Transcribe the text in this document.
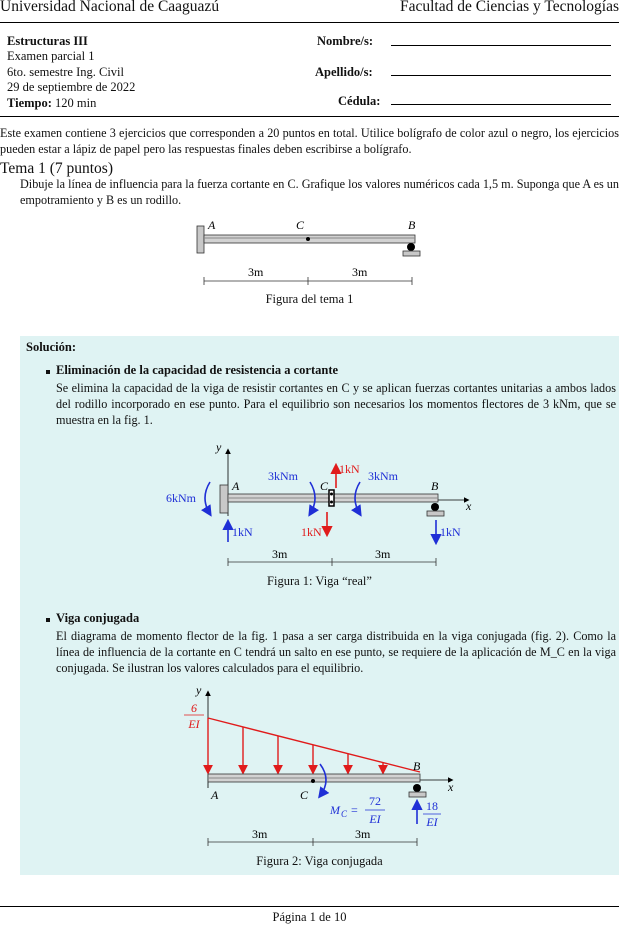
Universidad Nacional de Caaguazú	Facultad de Ciencias y Tecnologías
Estructuras III
Examen parcial 1
6to. semestre Ing. Civil
29 de septiembre de 2022
Tiempo: 120 min
Nombre/s:
Apellido/s:
Cédula:
Este examen contiene 3 ejercicios que corresponden a 20 puntos en total. Utilice bolígrafo de color azul o negro, los ejercicios pueden estar a lápiz de papel pero las respuestas finales deben escribirse a bolígrafo.
Tema 1 (7 puntos)
Dibuje la línea de influencia para la fuerza cortante en C. Grafique los valores numéricos cada 1,5 m. Suponga que A es un empotramiento y B es un rodillo.
A	C	B
3m	3m
Figura del tema 1
Solución:
Eliminación de la capacidad de resistencia a cortante
Se elimina la capacidad de la viga de resistir cortantes en C y se aplican fuerzas cortantes unitarias a ambos lados del rodillo incorporado en ese punto. Para el equilibrio son necesarios los momentos flectores de 3 kNm, que se muestra en la fig. 1.
y
x
A	C	B
6kNm
3kNm	3kNm
1kN
1kN
1kN	1kN
3m	3m
Figura 1: Viga “real”
Viga conjugada
El diagrama de momento flector de la fig. 1 pasa a ser carga distribuida en la viga conjugada (fig. 2). Como la línea de influencia de la cortante en C tendrá un salto en ese punto, se requiere de la aplicación de M_C en la viga conjugada. Se ilustran los valores calculados para el equilibrio.
y
x
6
EI
A	C
B
M C =
72
EI
18
EI
3m	3m
Figura 2: Viga conjugada
Página 1 de 10
